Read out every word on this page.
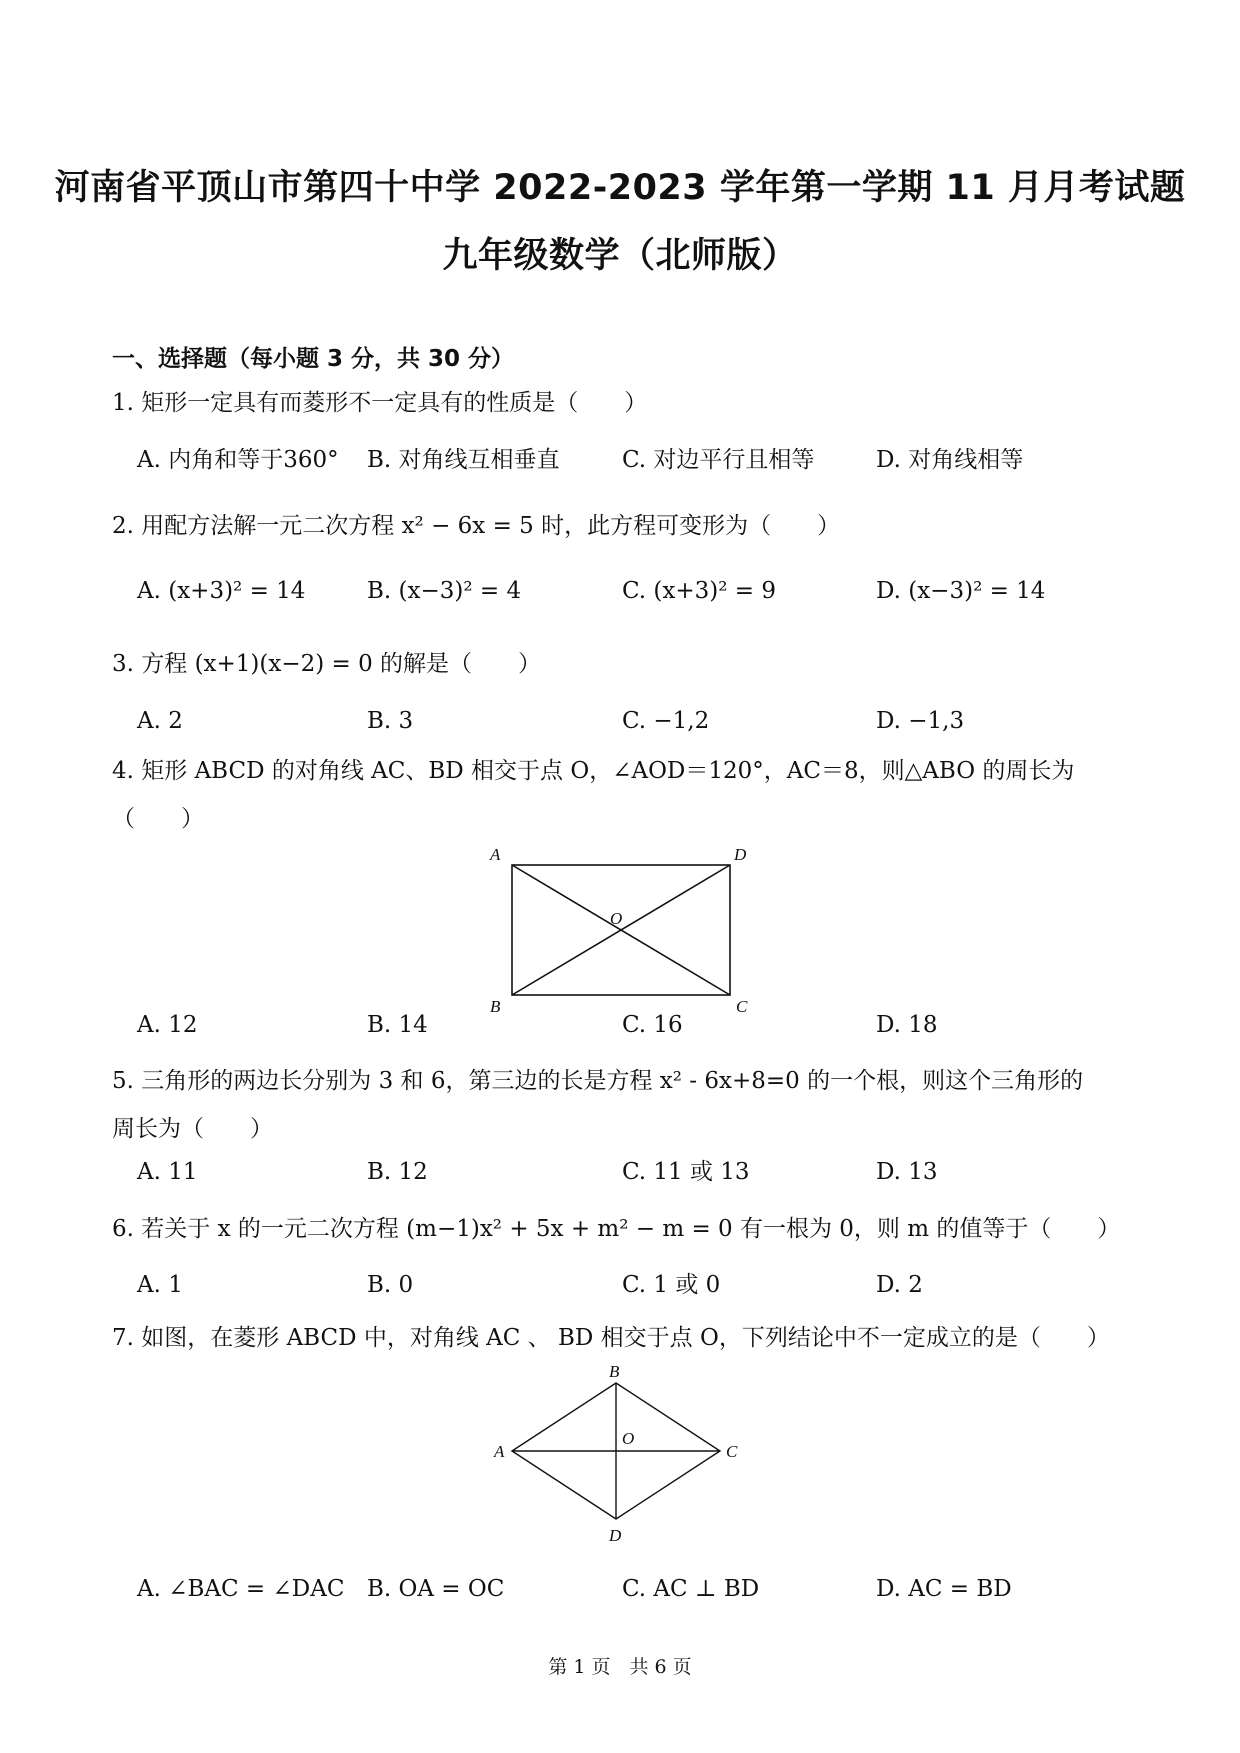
河南省平顶山市第四十中学 2022-2023 学年第一学期 11 月月考试题
九年级数学（北师版）
一、选择题（每小题 3 分，共 30 分）
1. 矩形一定具有而菱形不一定具有的性质是（　　）
A. 内角和等于360° B. 对角线互相垂直	C. 对边平行且相等	D. 对角线相等
2. 用配方法解一元二次方程 x² − 6x = 5 时，此方程可变形为（　　）
A. (x+3)² = 14	B. (x−3)² = 4	C. (x+3)² = 9	D. (x−3)² = 14
3. 方程 (x+1)(x−2) = 0 的解是（　　）
A. 2	B. 3	C. −1,2	D. −1,3
4. 矩形 ABCD 的对角线 AC、BD 相交于点 O，∠AOD＝120°，AC＝8，则△ABO 的周长为
（　　）
A	D
B	C
O
A. 12	B. 14	C. 16	D. 18
5. 三角形的两边长分别为 3 和 6，第三边的长是方程 x² - 6x+8=0 的一个根，则这个三角形的
周长为（　　）
A. 11	B. 12	C. 11 或 13	D. 13
6. 若关于 x 的一元二次方程 (m−1)x² + 5x + m² − m = 0 有一根为 0，则 m 的值等于（　　）
A. 1	B. 0	C. 1 或 0	D. 2
7. 如图，在菱形 ABCD 中，对角线 AC 、 BD 相交于点 O，下列结论中不一定成立的是（　　）
B
A	C
O
D
A. ∠BAC = ∠DAC B. OA = OC	C. AC ⊥ BD	D. AC = BD
第 1 页　共 6 页
